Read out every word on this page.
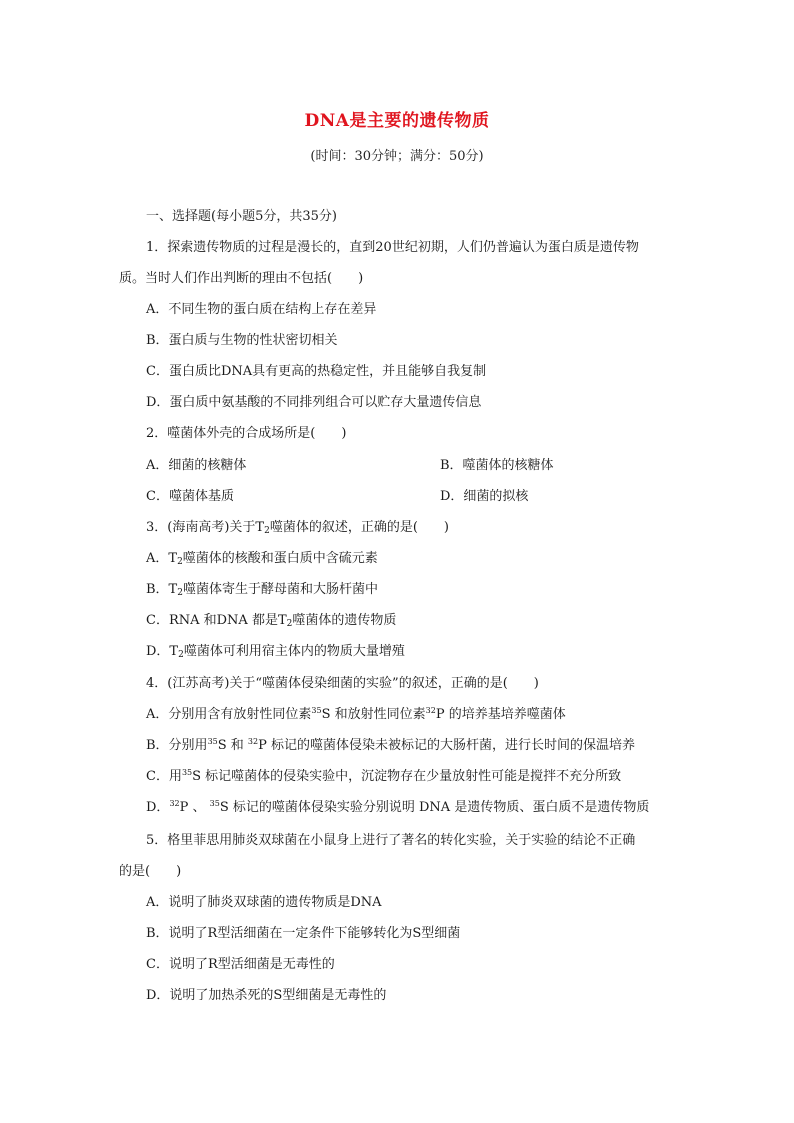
DNA是主要的遗传物质
(时间：30分钟；满分：50分)
一、选择题(每小题5分，共35分)
1．探索遗传物质的过程是漫长的，直到20世纪初期，人们仍普遍认为蛋白质是遗传物
质。当时人们作出判断的理由不包括(　　)
A．不同生物的蛋白质在结构上存在差异
B．蛋白质与生物的性状密切相关
C．蛋白质比DNA具有更高的热稳定性，并且能够自我复制
D．蛋白质中氨基酸的不同排列组合可以贮存大量遗传信息
2．噬菌体外壳的合成场所是(　　)
A．细菌的核糖体	B．噬菌体的核糖体
C．噬菌体基质	D．细菌的拟核
3．(海南高考)关于$T_2$噬菌体的叙述，正确的是(　　)
A．$T_2$噬菌体的核酸和蛋白质中含硫元素
B．$T_2$噬菌体寄生于酵母菌和大肠杆菌中
C．RNA 和DNA 都是$T_2$噬菌体的遗传物质
D．$T_2$噬菌体可利用宿主体内的物质大量增殖
4．(江苏高考)关于“噬菌体侵染细菌的实验”的叙述，正确的是(　　)
A．分别用含有放射性同位素$^{35}$S 和放射性同位素$^{32}$P 的培养基培养噬菌体
B．分别用$^{35}$S 和 $^{32}$P 标记的噬菌体侵染未被标记的大肠杆菌，进行长时间的保温培养
C．用$^{35}$S 标记噬菌体的侵染实验中，沉淀物存在少量放射性可能是搅拌不充分所致
D．$^{32}$P 、 $^{35}$S 标记的噬菌体侵染实验分别说明 DNA 是遗传物质、蛋白质不是遗传物质
5．格里菲思用肺炎双球菌在小鼠身上进行了著名的转化实验，关于实验的结论不正确
的是(　　)
A．说明了肺炎双球菌的遗传物质是DNA
B．说明了R型活细菌在一定条件下能够转化为S型细菌
C．说明了R型活细菌是无毒性的
D．说明了加热杀死的S型细菌是无毒性的
